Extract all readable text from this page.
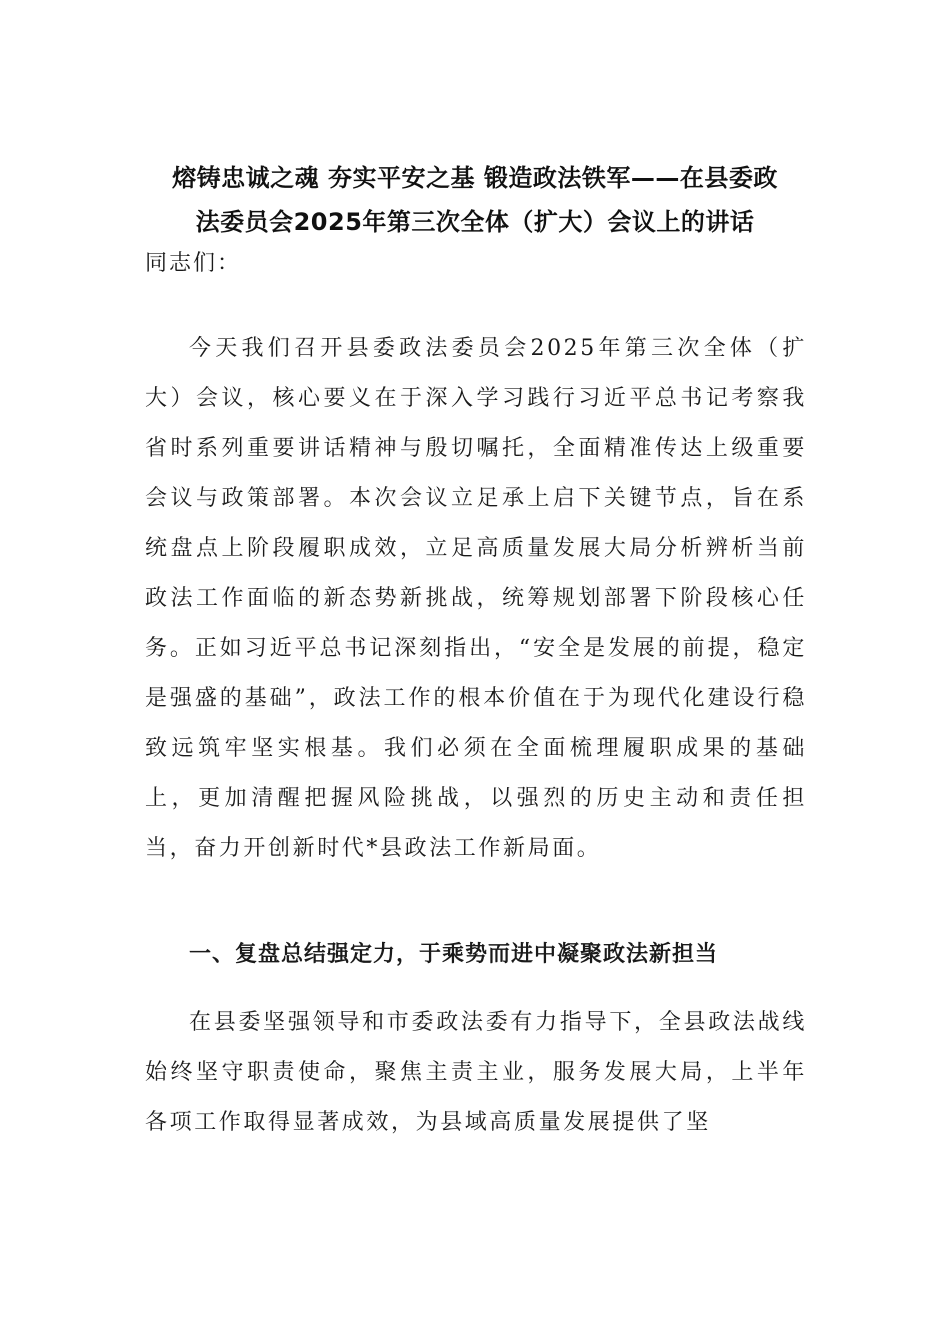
熔铸忠诚之魂 夯实平安之基 锻造政法铁军——在县委政
法委员会2025年第三次全体（扩大）会议上的讲话
同志们：

今天我们召开县委政法委员会2025年第三次全体（扩大）会议，核心要义在于深入学习践行习近平总书记考察我省时系列重要讲话精神与殷切嘱托，全面精准传达上级重要会议与政策部署。本次会议立足承上启下关键节点，旨在系统盘点上阶段履职成效，立足高质量发展大局分析辨析当前政法工作面临的新态势新挑战，统筹规划部署下阶段核心任务。正如习近平总书记深刻指出，“安全是发展的前提，稳定是强盛的基础”，政法工作的根本价值在于为现代化建设行稳致远筑牢坚实根基。我们必须在全面梳理履职成果的基础上，更加清醒把握风险挑战，以强烈的历史主动和责任担当，奋力开创新时代*县政法工作新局面。

一、复盘总结强定力，于乘势而进中凝聚政法新担当

在县委坚强领导和市委政法委有力指导下，全县政法战线始终坚守职责使命，聚焦主责主业，服务发展大局，上半年各项工作取得显著成效，为县域高质量发展提供了坚
